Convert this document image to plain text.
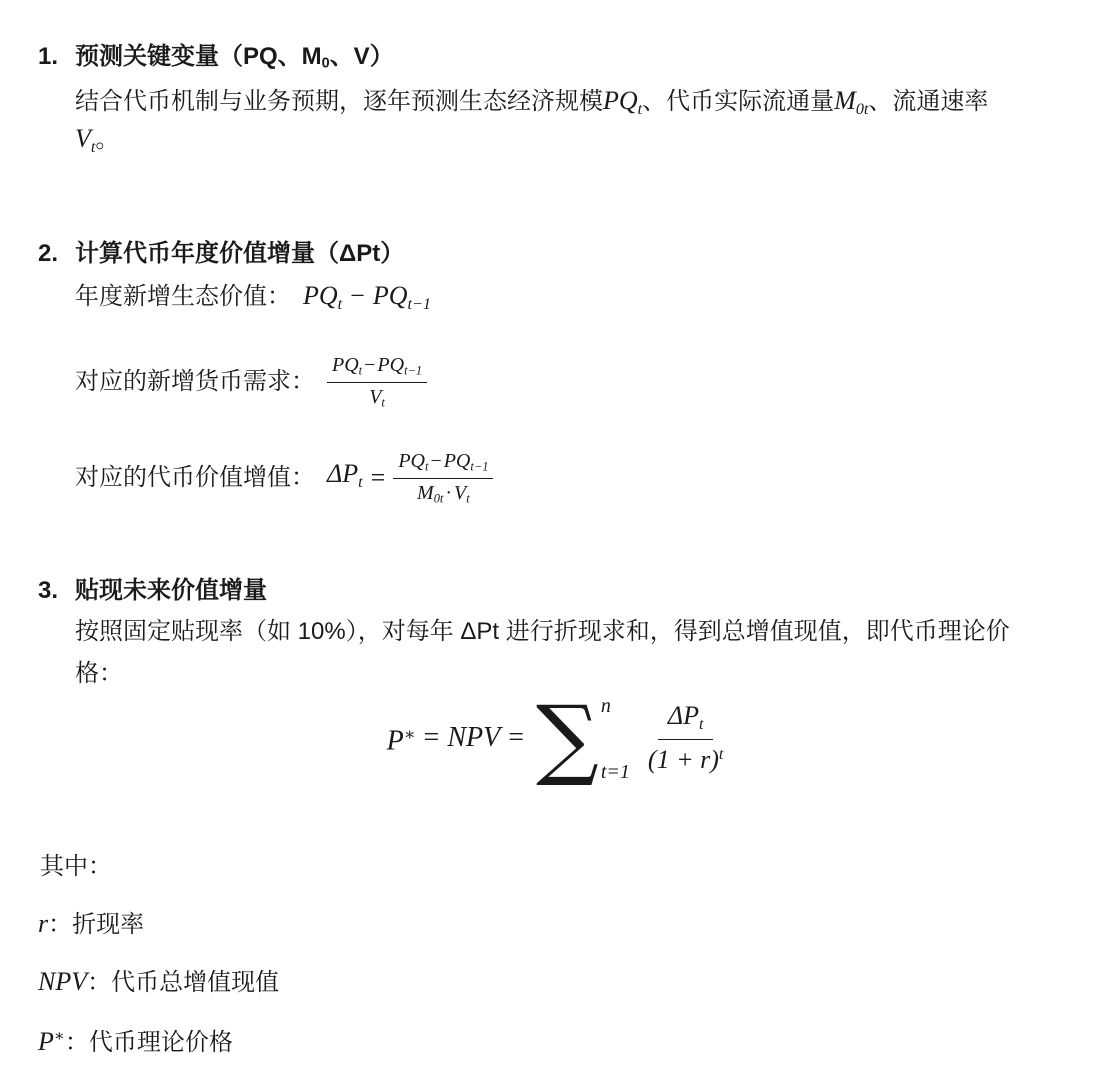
1. 预测关键变量（PQ、$M_0$、V）
结合代币机制与业务预期，逐年预测生态经济规模$PQ_t$、代币实际流通量$M_{0t}$、流通速率
$V_t$。
2. 计算代币年度价值增量（ΔPt）
年度新增生态价值： $PQ_t - PQ_{t-1}$
对应的新增货币需求： $\frac{PQ_t - PQ_{t-1}}{V_t}$
对应的代币价值增值： $\Delta P_t = \frac{PQ_t - PQ_{t-1}}{M_{0t} \cdot V_t}$
3. 贴现未来价值增量
按照固定贴现率（如 10%），对每年 ΔPt 进行折现求和，得到总增值现值，即代币理论价
格：
P∗ = NPV = ∑ n
$t=1 \frac{\Delta P_t}{(1 + r)^t}$
其中：
r：折现率
NPV：代币总增值现值
P∗：代币理论价格
